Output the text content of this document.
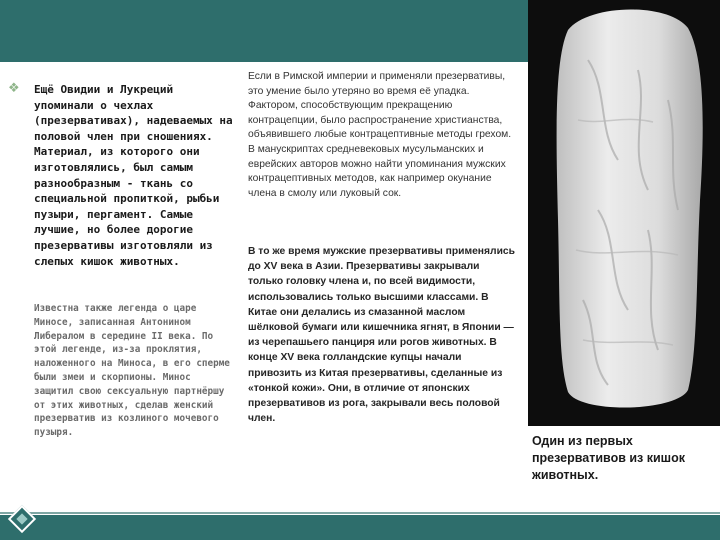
❖ Ещё Овидии и Лукреций упоминали о чехлах (презервативах), надеваемых на половой член при сношениях. Материал, из которого они изготовлялись, был самым разнообразным - ткань со специальной пропиткой, рыбьи пузыри, пергамент. Самые лучшие, но более дорогие презервативы изготовляли из слепых кишок животных.
Известна также легенда о царе Миносе, записанная Антонином Либералом в середине II века. По этой легенде, из-за проклятия, наложенного на Миноса, в его сперме были змеи и скорпионы. Минос защитил свою сексуальную партнёршу от этих животных, сделав женский презерватив из козлиного мочевого пузыря.
Если в Римской империи и применяли презервативы, это умение было утеряно во время её упадка. Фактором, способствующим прекращению контрацепции, было распространение христианства, объявившего любые контрацептивные методы грехом. В манускриптах средневековых мусульманских и еврейских авторов можно найти упоминания мужских контрацептивных методов, как например окунание члена в смолу или луковый сок.
В то же время мужские презервативы применялись до XV века в Азии. Презервативы закрывали только головку члена и, по всей видимости, использовались только высшими классами. В Китае они делались из смазанной маслом шёлковой бумаги или кишечника ягнят, в Японии — из черепашьего панциря или рогов животных. В конце XV века голландские купцы начали привозить из Китая презервативы, сделанные из «тонкой кожи». Они, в отличие от японских презервативов из рога, закрывали весь половой член.
Один из первых презервативов из кишок животных.
